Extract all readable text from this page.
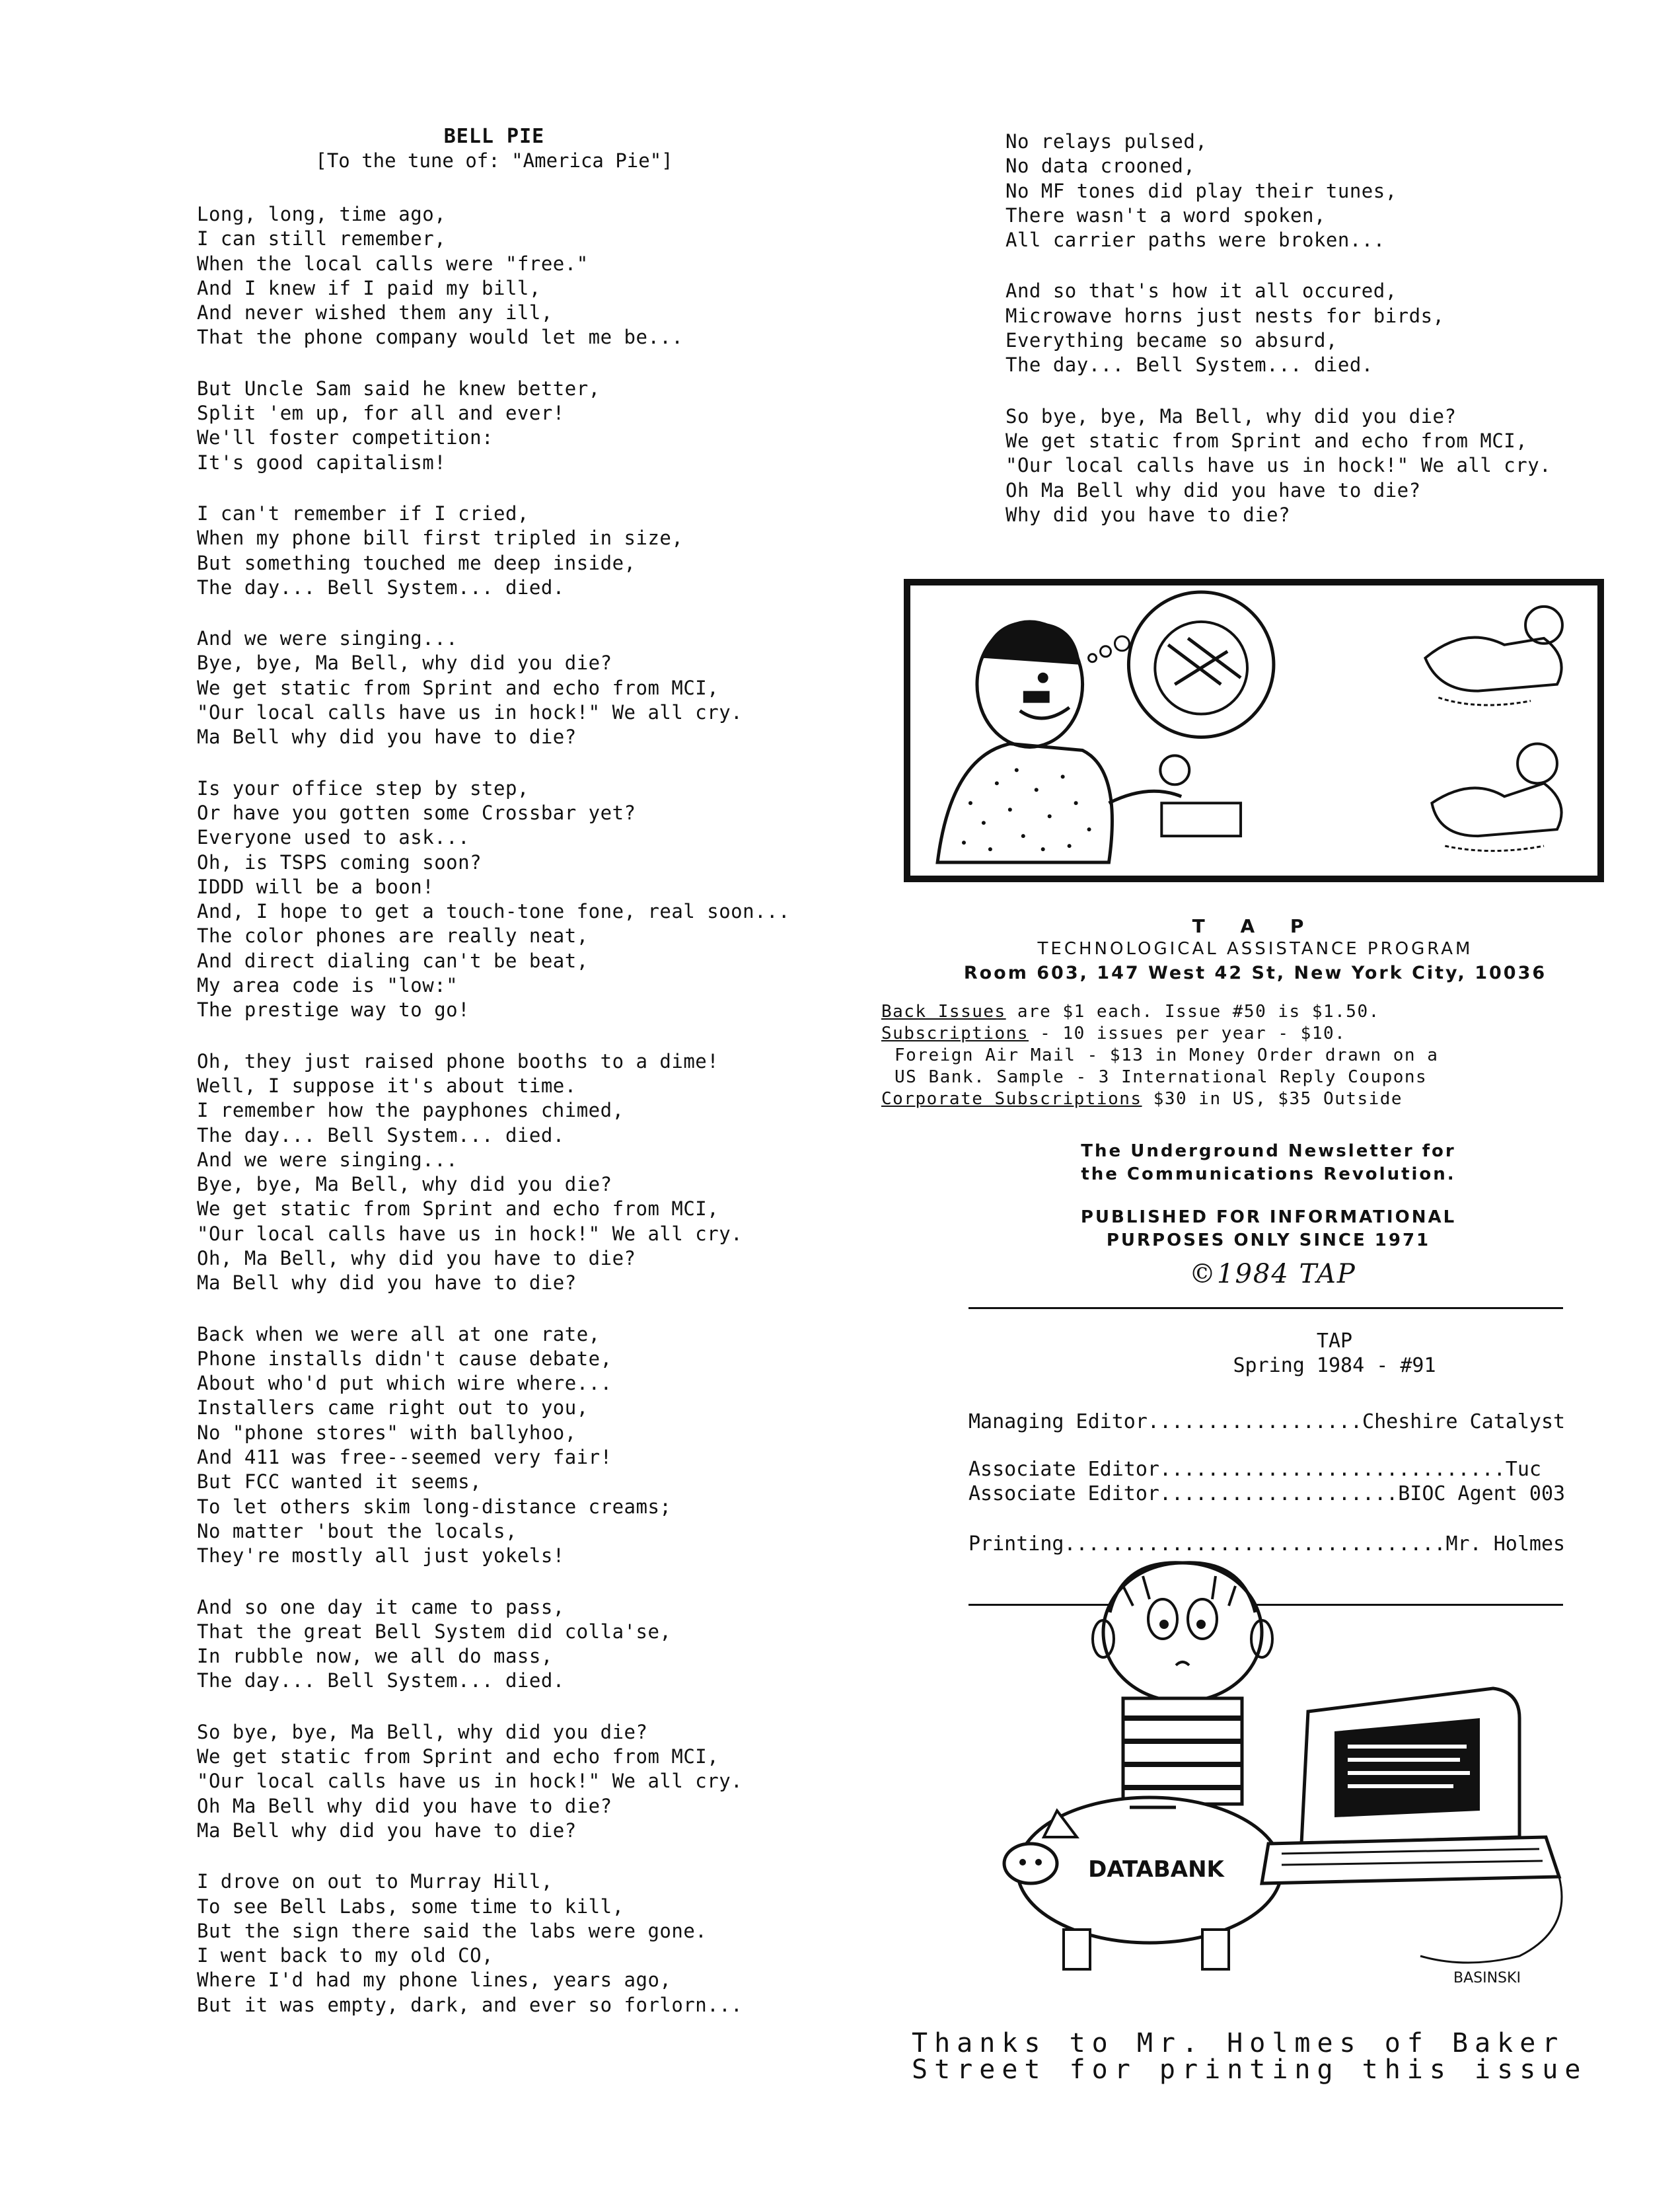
BELL PIE
[To the tune of: "America Pie"]
Long, long, time ago,
I can still remember,
When the local calls were "free."
And I knew if I paid my bill,
And never wished them any ill,
That the phone company would let me be...
But Uncle Sam said he knew better,
Split 'em up, for all and ever!
We'll foster competition:
It's good capitalism!
I can't remember if I cried,
When my phone bill first tripled in size,
But something touched me deep inside,
The day... Bell System... died.
And we were singing...
Bye, bye, Ma Bell, why did you die?
We get static from Sprint and echo from MCI,
"Our local calls have us in hock!" We all cry.
Ma Bell why did you have to die?
Is your office step by step,
Or have you gotten some Crossbar yet?
Everyone used to ask...
Oh, is TSPS coming soon?
IDDD will be a boon!
And, I hope to get a touch-tone fone, real soon...
The color phones are really neat,
And direct dialing can't be beat,
My area code is "low:"
The prestige way to go!
Oh, they just raised phone booths to a dime!
Well, I suppose it's about time.
I remember how the payphones chimed,
The day... Bell System... died.
And we were singing...
Bye, bye, Ma Bell, why did you die?
We get static from Sprint and echo from MCI,
"Our local calls have us in hock!" We all cry.
Oh, Ma Bell, why did you have to die?
Ma Bell why did you have to die?
Back when we were all at one rate,
Phone installs didn't cause debate,
About who'd put which wire where...
Installers came right out to you,
No "phone stores" with ballyhoo,
And 411 was free--seemed very fair!
But FCC wanted it seems,
To let others skim long-distance creams;
No matter 'bout the locals,
They're mostly all just yokels!
And so one day it came to pass,
That the great Bell System did colla'se,
In rubble now, we all do mass,
The day... Bell System... died.
So bye, bye, Ma Bell, why did you die?
We get static from Sprint and echo from MCI,
"Our local calls have us in hock!" We all cry.
Oh Ma Bell why did you have to die?
Ma Bell why did you have to die?
I drove on out to Murray Hill,
To see Bell Labs, some time to kill,
But the sign there said the labs were gone.
I went back to my old CO,
Where I'd had my phone lines, years ago,
But it was empty, dark, and ever so forlorn...
No relays pulsed,
No data crooned,
No MF tones did play their tunes,
There wasn't a word spoken,
All carrier paths were broken...
And so that's how it all occured,
Microwave horns just nests for birds,
Everything became so absurd,
The day... Bell System... died.
So bye, bye, Ma Bell, why did you die?
We get static from Sprint and echo from MCI,
"Our local calls have us in hock!" We all cry.
Oh Ma Bell why did you have to die?
Why did you have to die?
T A P
TECHNOLOGICAL ASSISTANCE PROGRAM
Room 603, 147 West 42 St, New York City, 10036
Back Issues are $1 each. Issue #50 is $1.50.
Subscriptions - 10 issues per year - $10.
Foreign Air Mail - $13 in Money Order drawn on a
US Bank. Sample - 3 International Reply Coupons
Corporate Subscriptions $30 in US, $35 Outside
The Underground Newsletter for
the Communications Revolution.
PUBLISHED FOR INFORMATIONAL
PURPOSES ONLY SINCE 1971
©1984 TAP
TAP
Spring 1984 - #91
Managing Editor..................Cheshire Catalyst
Associate Editor.............................Tuc
Associate Editor....................BIOC Agent 003
Printing................................Mr. Holmes
DATABANK
BASINSKI
Thanks to Mr. Holmes of Baker
Street for printing this issue
